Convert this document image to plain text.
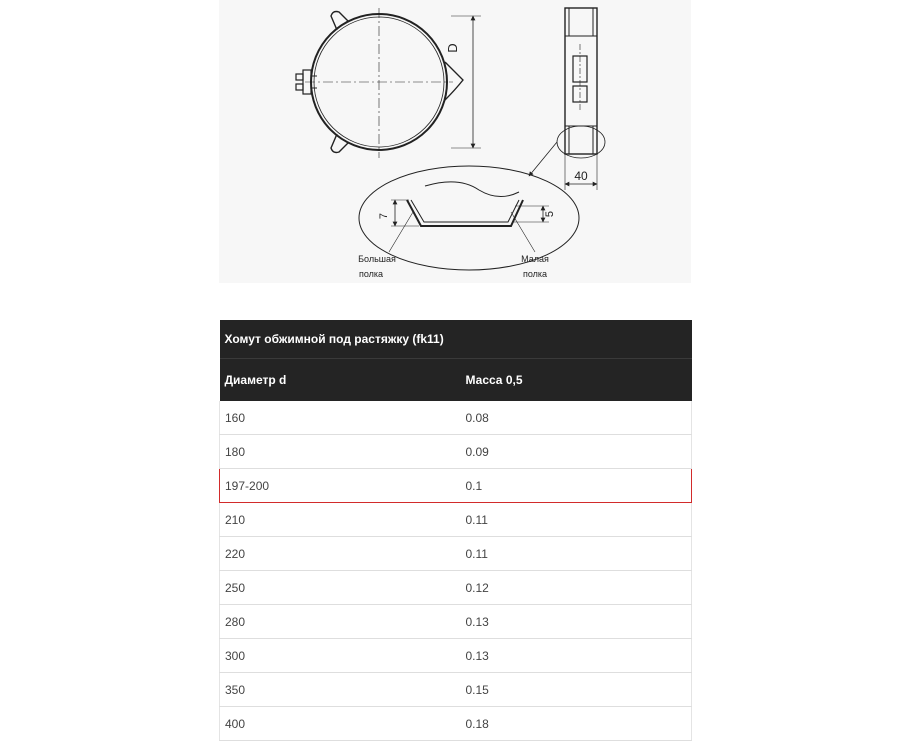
D
40
7	5
Большая
полка
Малая
полка
Хомут обжимной под растяжку (fk11)	
Диаметр d	Масса 0,5
160	0.08
180	0.09
197-200	0.1
210	0.11
220	0.11
250	0.12
280	0.13
300	0.13
350	0.15
400	0.18
